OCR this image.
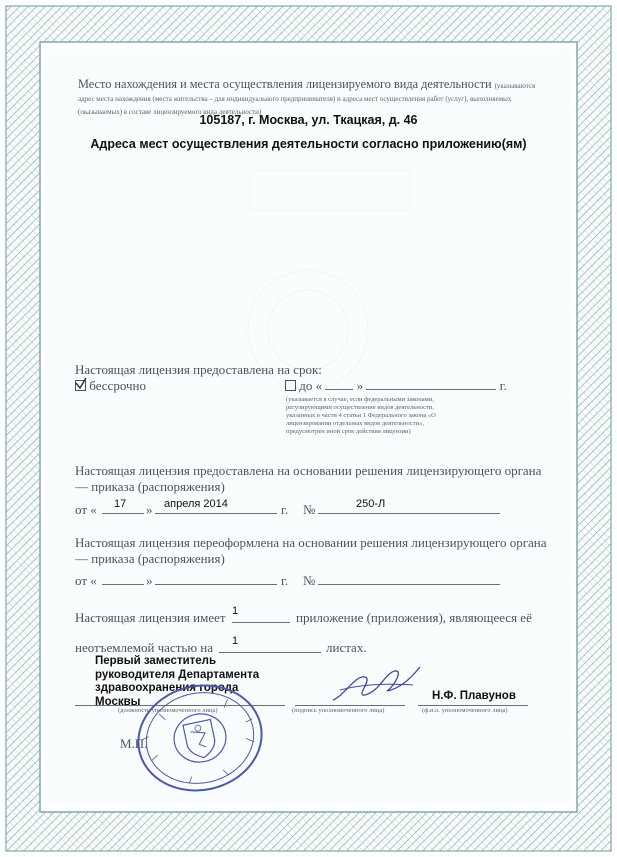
Место нахождения и места осуществления лицензируемого вида деятельности (указываются адрес места нахождения (места жительства – для индивидуального предпринимателя) и адреса мест осуществления работ (услуг), выполняемых (оказываемых) в составе лицензируемого вида деятельности)
105187, г. Москва, ул. Ткацкая, д. 46
Адреса мест осуществления деятельности согласно приложению(ям)
Настоящая лицензия предоставлена на срок:
бессрочно	до «	»	г.
(указывается в случае, если федеральными законами, регулирующими осуществление видов деятельности, указанных в части 4 статьи 1 Федерального закона «О лицензировании отдельных видов деятельности», предусмотрен иной срок действия лицензии)
Настоящая лицензия предоставлена на основании решения лицензирующего органа
— приказа (распоряжения)
от « 17 » апреля 2014	г. №	250-Л
Настоящая лицензия переоформлена на основании решения лицензирующего органа
— приказа (распоряжения)
от «	»	г. №
Настоящая лицензия имеет 1	приложение (приложения), являющееся её
неотъемлемой частью на 1	листах.
Первый заместитель
руководителя Департамента
здравоохранения города
Москвы
(должность уполномоченного лица)	(подпись уполномоченного лица)
Н.Ф. Плавунов
(ф.и.о. уполномоченного лица)
М.П.
